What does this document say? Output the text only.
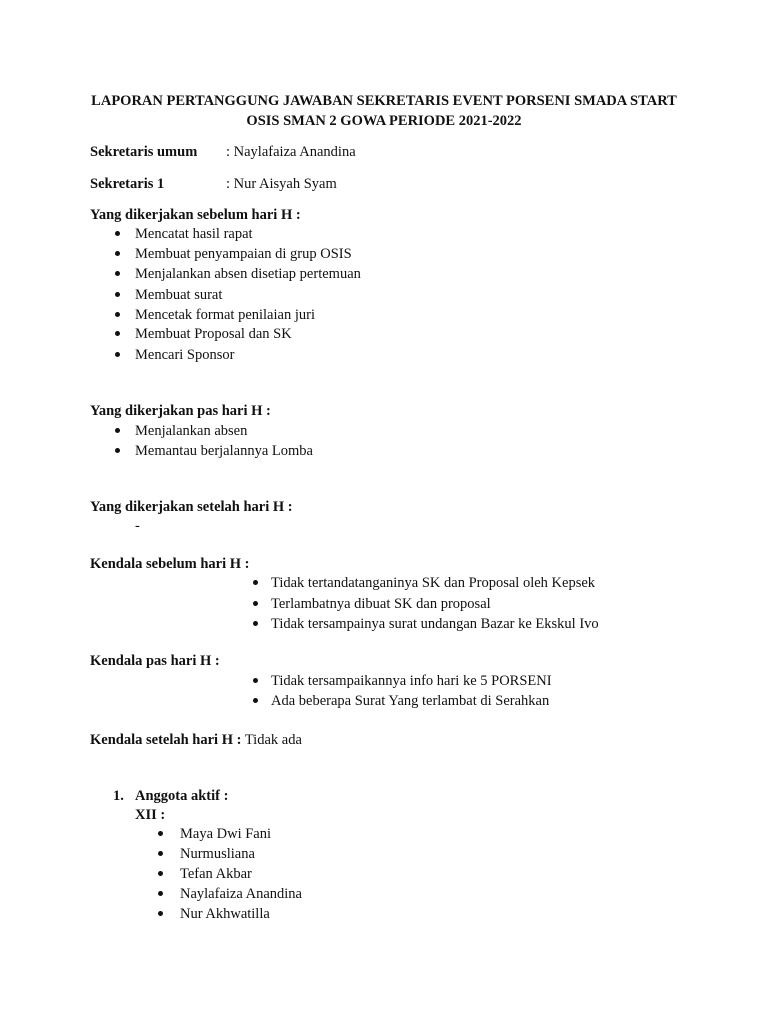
LAPORAN PERTANGGUNG JAWABAN SEKRETARIS EVENT PORSENI SMADA START
OSIS SMAN 2 GOWA PERIODE 2021-2022
Sekretaris umum : Naylafaiza Anandina
Sekretaris 1	: Nur Aisyah Syam
Yang dikerjakan sebelum hari H :
Mencatat hasil rapat
Membuat penyampaian di grup OSIS
Menjalankan absen disetiap pertemuan
Membuat surat
Mencetak format penilaian juri
Membuat Proposal dan SK
Mencari Sponsor
Yang dikerjakan pas hari H :
Menjalankan absen
Memantau berjalannya Lomba
Yang dikerjakan setelah hari H :
-
Kendala sebelum hari H :
Tidak tertandatanganinya SK dan Proposal oleh Kepsek
Terlambatnya dibuat SK dan proposal
Tidak tersampainya surat undangan Bazar ke Ekskul Ivo
Kendala pas hari H :
Tidak tersampaikannya info hari ke 5 PORSENI
Ada beberapa Surat Yang terlambat di Serahkan
Kendala setelah hari H : Tidak ada
1. Anggota aktif :
XII :
Maya Dwi Fani
Nurmusliana
Tefan Akbar
Naylafaiza Anandina
Nur Akhwatilla
